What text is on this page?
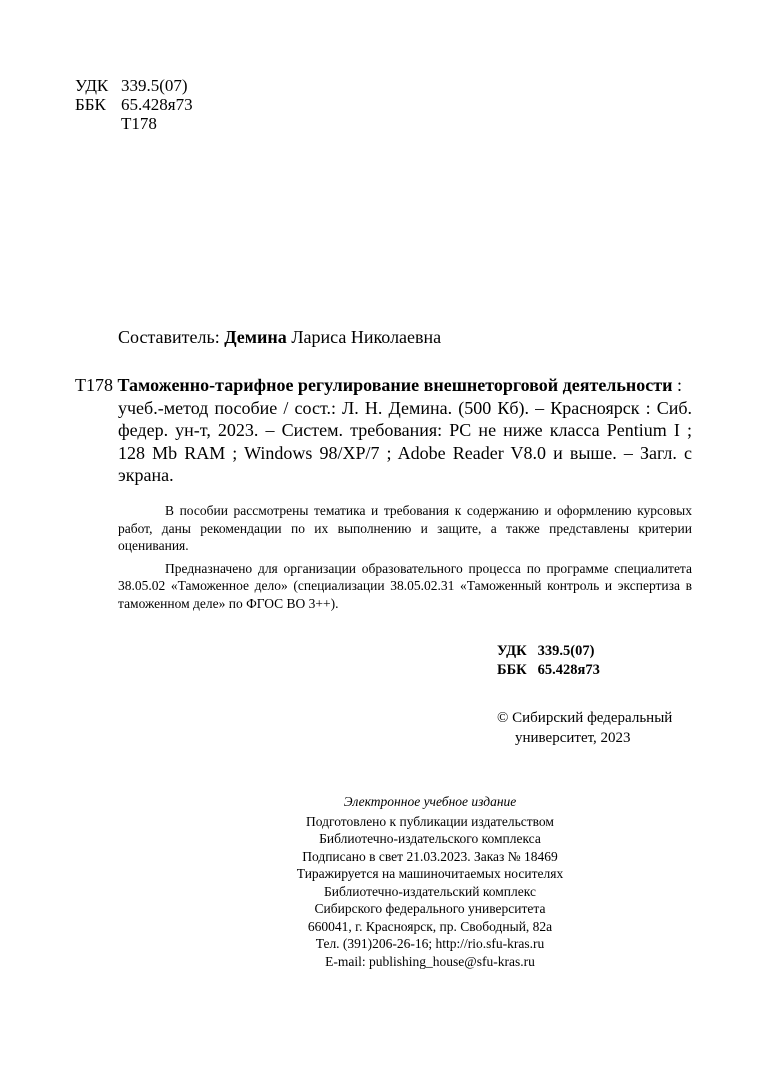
УДК 339.5(07)
ББК 65.428я73
Т178
Составитель: Демина Лариса Николаевна
Т178 Таможенно-тарифное регулирование внешнеторговой деятельности :
учеб.-метод пособие / сост.: Л. Н. Демина. (500 Кб). – Красноярск : Сиб. федер. ун-т, 2023. – Систем. требования: PC не ниже класса Pentium I ; 128 Mb RAM ; Windows 98/XP/7 ; Adobe Reader V8.0 и выше. – Загл. с экрана.

В пособии рассмотрены тематика и требования к содержанию и оформлению курсовых работ, даны рекомендации по их выполнению и защите, а также представлены критерии оценивания.

Предназначено для организации образовательного процесса по программе специалитета 38.05.02 «Таможенное дело» (специализации 38.05.02.31 «Таможенный контроль и экспертиза в таможенном деле» по ФГОС ВО 3++).

УДК 339.5(07)
ББК 65.428я73
© Сибирский федеральный
университет, 2023
Электронное учебное издание
Подготовлено к публикации издательством
Библиотечно-издательского комплекса
Подписано в свет 21.03.2023. Заказ № 18469
Тиражируется на машиночитаемых носителях
Библиотечно-издательский комплекс
Сибирского федерального университета
660041, г. Красноярск, пр. Свободный, 82а
Тел. (391)206-26-16; http://rio.sfu-kras.ru
E-mail: publishing_house@sfu-kras.ru
